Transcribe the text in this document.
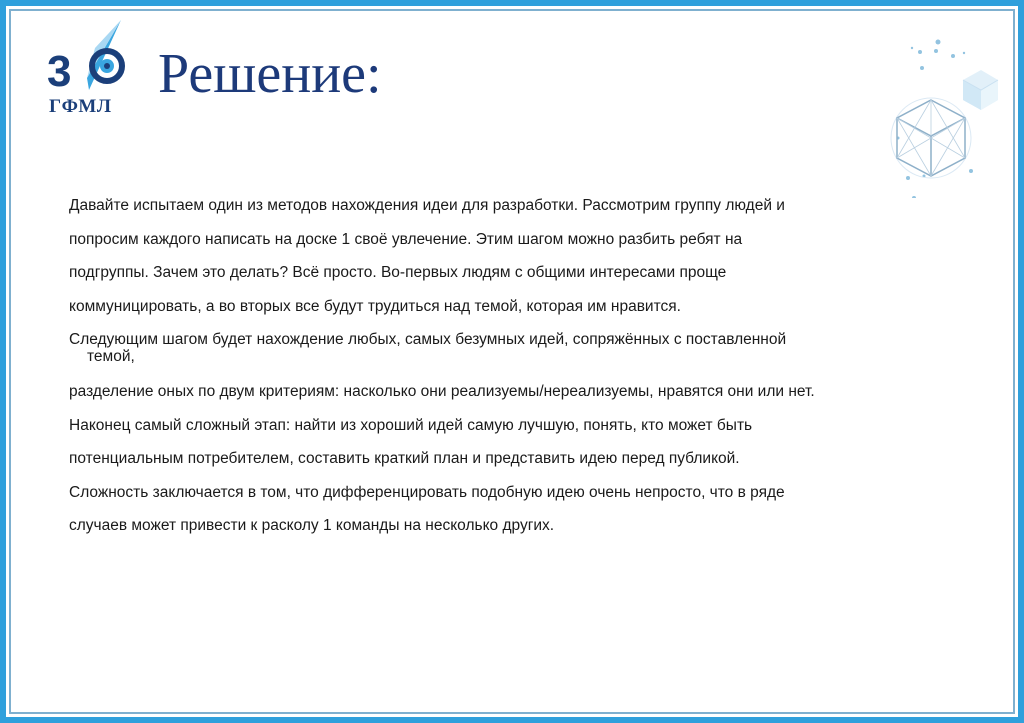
3
ГФМЛ
Решение:
Давайте испытаем один из методов нахождения идеи для разработки. Рассмотрим группу людей и
попросим каждого написать на доске 1 своё увлечение. Этим шагом можно разбить ребят на
подгруппы. Зачем это делать? Всё просто. Во-первых людям с общими интересами проще
коммуницировать, а во вторых все будут трудиться над темой, которая им нравится.
Следующим шагом будет нахождение любых, самых безумных идей, сопряжённых с поставленной
темой,
разделение оных по двум критериям: насколько они реализуемы/нереализуемы, нравятся они или нет.
Наконец самый сложный этап: найти из хороший идей самую лучшую, понять, кто может быть
потенциальным потребителем, составить краткий план и представить идею перед публикой.
Сложность заключается в том, что дифференцировать подобную идею очень непросто, что в ряде
случаев может привести к расколу 1 команды на несколько других.
